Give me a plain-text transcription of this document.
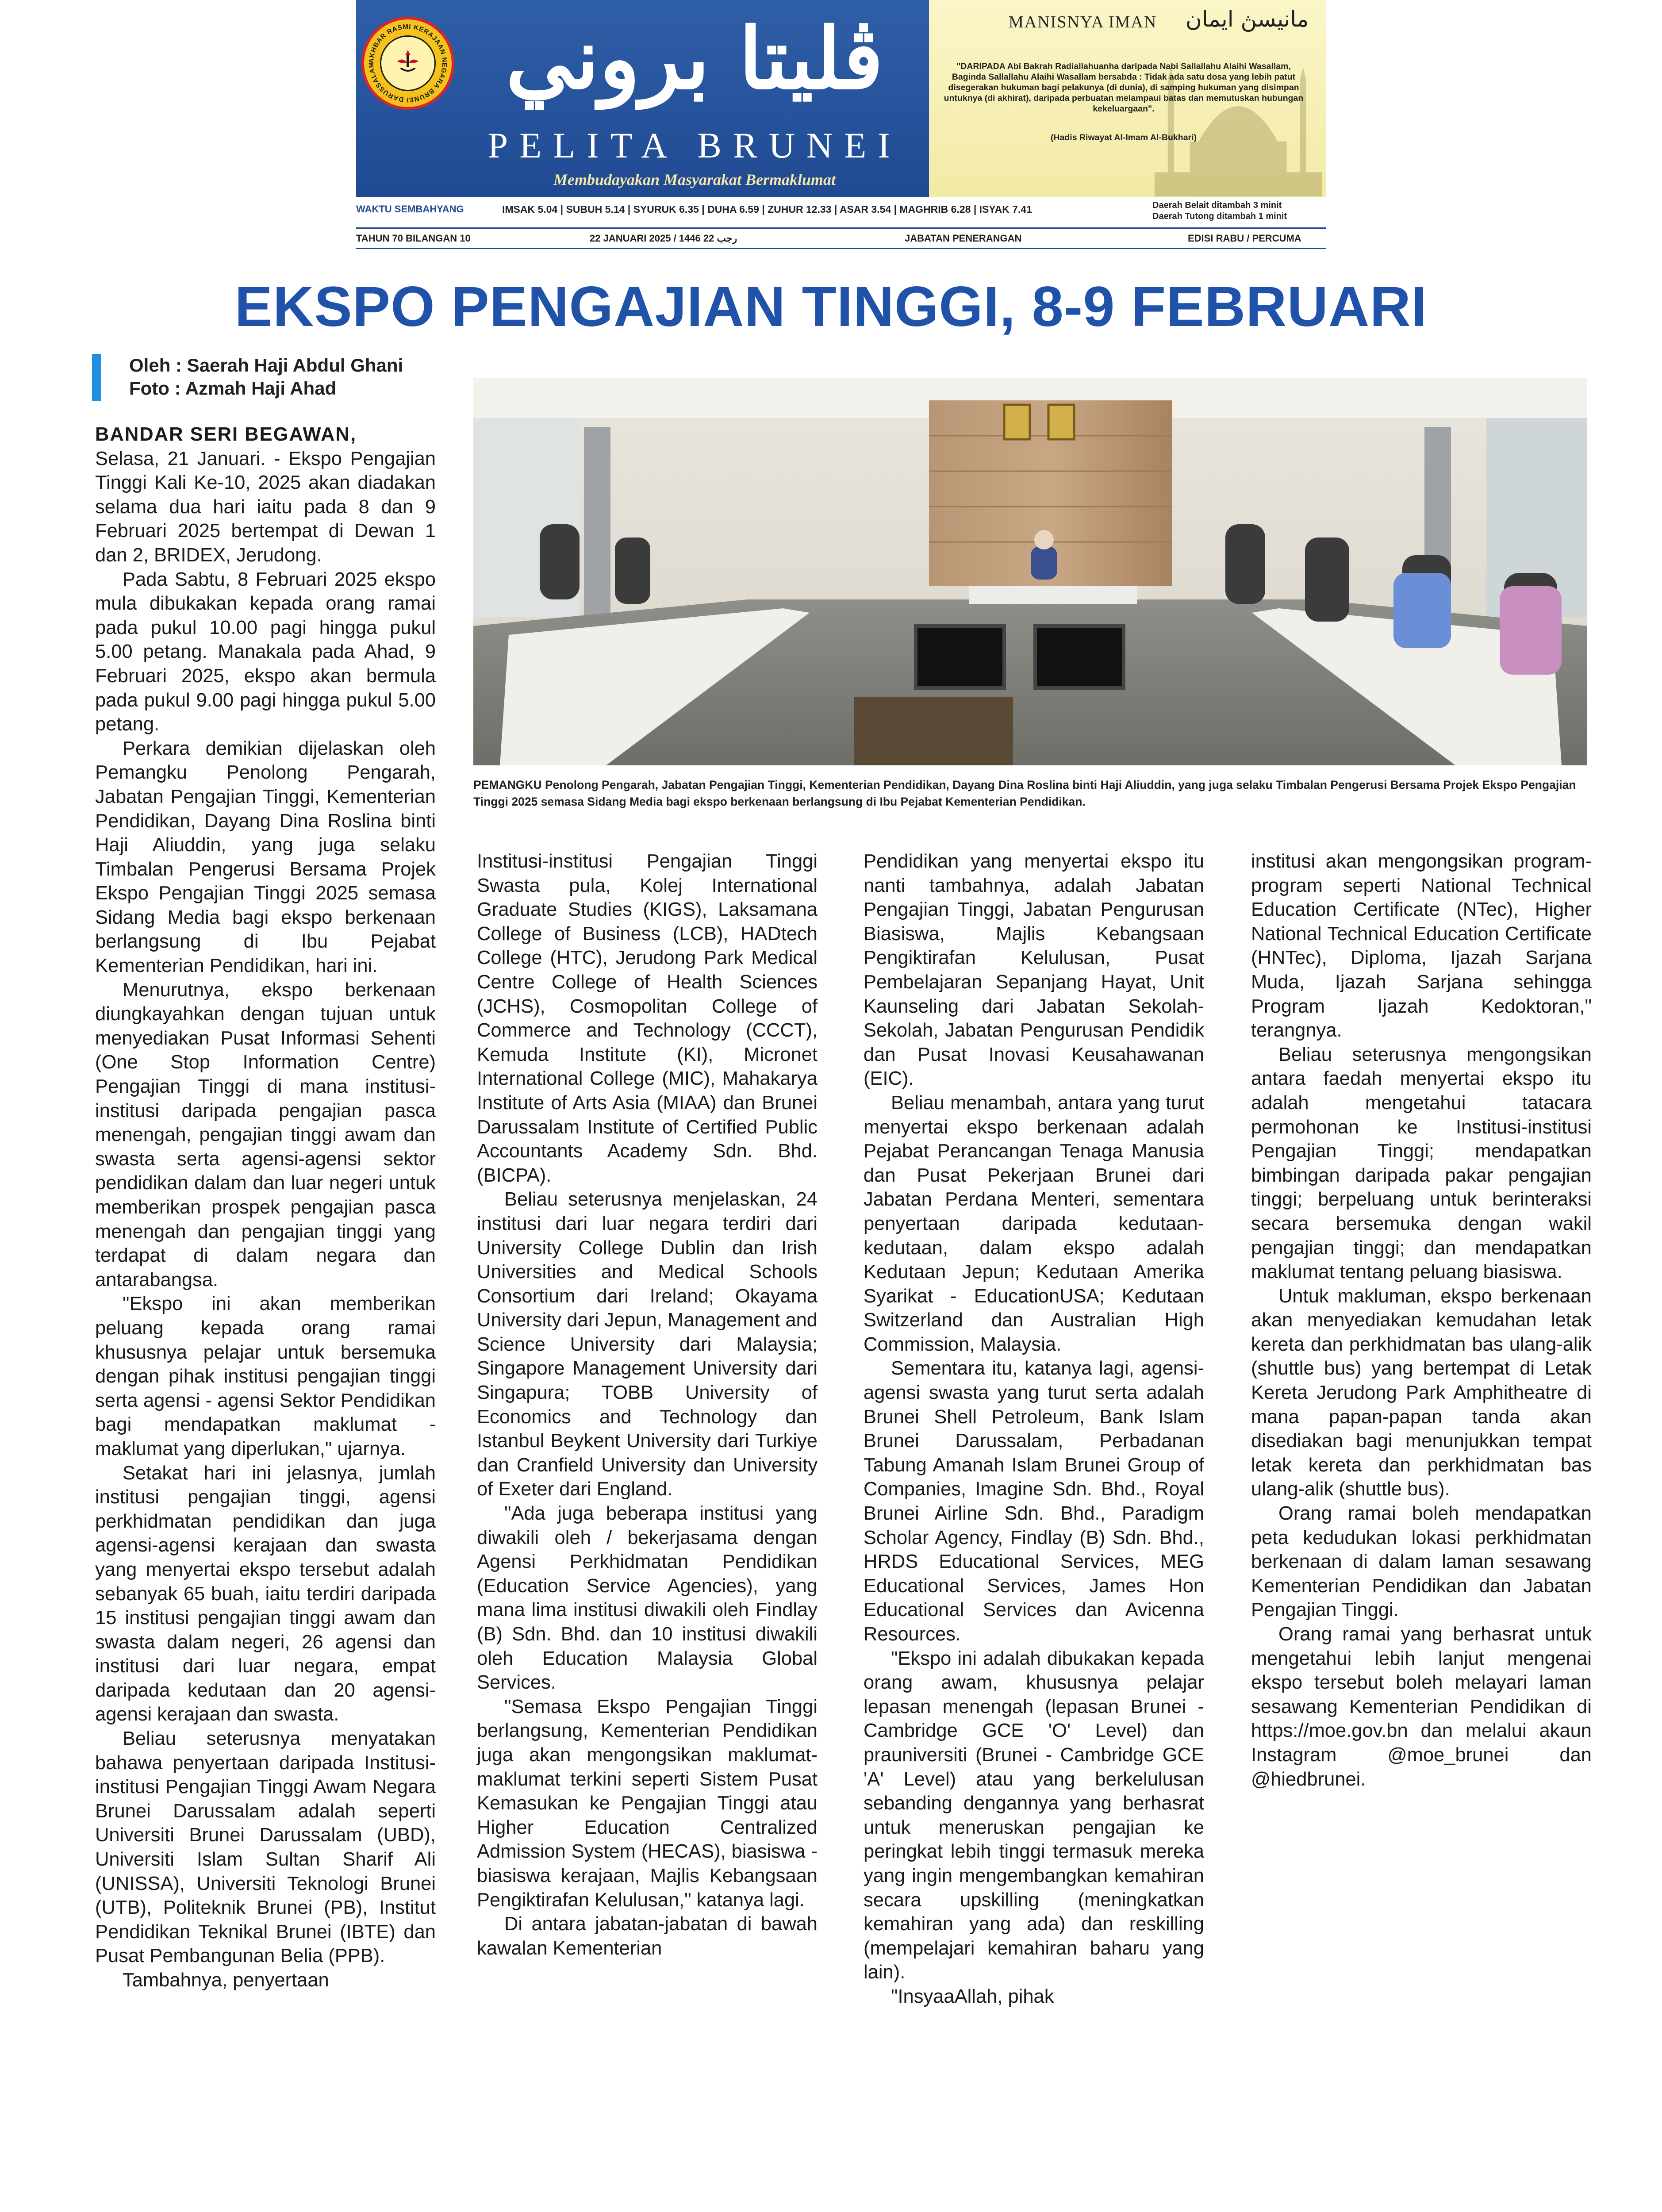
AKHBAR RASMI KERAJAAN NEGARA BRUNEI DARUSSALAM	ڤليتا بروني
PELITA BRUNEI
Membudayakan Masyarakat Bermaklumat
MANISNYA IMAN مانيسڽ ايمان
"DARIPADA Abi Bakrah Radiallahuanha daripada Nabi Sallallahu Alaihi Wasallam, Baginda Sallallahu Alaihi Wasallam bersabda : Tidak ada satu dosa yang lebih patut disegerakan hukuman bagi pelakunya (di dunia), di samping hukuman yang disimpan untuknya (di akhirat), daripada perbuatan melampaui batas dan memutuskan hubungan kekeluargaan".
(Hadis Riwayat Al-Imam Al-Bukhari)
WAKTU SEMBAHYANG	IMSAK 5.04 | SUBUH 5.14 | SYURUK 6.35 | DUHA 6.59 | ZUHUR 12.33 | ASAR 3.54 | MAGHRIB 6.28 | ISYAK 7.41	Daerah Belait ditambah 3 minit
Daerah Tutong ditambah 1 minit
TAHUN 70 BILANGAN 10	22 JANUARI 2025 / 1446 رجب 22	JABATAN PENERANGAN	EDISI RABU / PERCUMA
EKSPO PENGAJIAN TINGGI, 8-9 FEBRUARI
Oleh : Saerah Haji Abdul Ghani
Foto : Azmah Haji Ahad
PEMANGKU Penolong Pengarah, Jabatan Pengajian Tinggi, Kementerian Pendidikan, Dayang Dina Roslina binti Haji Aliuddin, yang juga selaku Timbalan Pengerusi Bersama Projek Ekspo Pengajian Tinggi 2025 semasa Sidang Media bagi ekspo berkenaan berlangsung di Ibu Pejabat Kementerian Pendidikan.

BANDAR SERI BEGAWAN,
Selasa, 21 Januari. - Ekspo Pengajian Tinggi Kali Ke-10, 2025 akan diadakan selama dua hari iaitu pada 8 dan 9 Februari 2025 bertempat di Dewan 1 dan 2, BRIDEX, Jerudong.

Pada Sabtu, 8 Februari 2025 ekspo mula dibukakan kepada orang ramai pada pukul 10.00 pagi hingga pukul 5.00 petang. Manakala pada Ahad, 9 Februari 2025, ekspo akan bermula pada pukul 9.00 pagi hingga pukul 5.00 petang.

Perkara demikian dijelaskan oleh Pemangku Penolong Pengarah, Jabatan Pengajian Tinggi, Kementerian Pendidikan, Dayang Dina Roslina binti Haji Aliuddin, yang juga selaku Timbalan Pengerusi Bersama Projek Ekspo Pengajian Tinggi 2025 semasa Sidang Media bagi ekspo berkenaan berlangsung di Ibu Pejabat Kementerian Pendidikan, hari ini.

Menurutnya, ekspo berkenaan diungkayahkan dengan tujuan untuk menyediakan Pusat Informasi Sehenti (One Stop Information Centre) Pengajian Tinggi di mana institusi-institusi daripada pengajian pasca menengah, pengajian tinggi awam dan swasta serta agensi-agensi sektor pendidikan dalam dan luar negeri untuk memberikan prospek pengajian pasca menengah dan pengajian tinggi yang terdapat di dalam negara dan antarabangsa.

"Ekspo ini akan memberikan peluang kepada orang ramai khususnya pelajar untuk bersemuka dengan pihak institusi pengajian tinggi serta agensi - agensi Sektor Pendidikan bagi mendapatkan maklumat - maklumat yang diperlukan," ujarnya.

Setakat hari ini jelasnya, jumlah institusi pengajian tinggi, agensi perkhidmatan pendidikan dan juga agensi-agensi kerajaan dan swasta yang menyertai ekspo tersebut adalah sebanyak 65 buah, iaitu terdiri daripada 15 institusi pengajian tinggi awam dan swasta dalam negeri, 26 agensi dan institusi dari luar negara, empat daripada kedutaan dan 20 agensi-agensi kerajaan dan swasta.

Beliau seterusnya menyatakan bahawa penyertaan daripada Institusi-institusi Pengajian Tinggi Awam Negara Brunei Darussalam adalah seperti Universiti Brunei Darussalam (UBD), Universiti Islam Sultan Sharif Ali (UNISSA), Universiti Teknologi Brunei (UTB), Politeknik Brunei (PB), Institut Pendidikan Teknikal Brunei (IBTE) dan Pusat Pembangunan Belia (PPB).

Tambahnya, penyertaan

Institusi-institusi Pengajian Tinggi Swasta pula, Kolej International Graduate Studies (KIGS), Laksamana College of Business (LCB), HADtech College (HTC), Jerudong Park Medical Centre College of Health Sciences (JCHS), Cosmopolitan College of Commerce and Technology (CCCT), Kemuda Institute (KI), Micronet International College (MIC), Mahakarya Institute of Arts Asia (MIAA) dan Brunei Darussalam Institute of Certified Public Accountants Academy Sdn. Bhd. (BICPA).

Beliau seterusnya menjelaskan, 24 institusi dari luar negara terdiri dari University College Dublin dan Irish Universities and Medical Schools Consortium dari Ireland; Okayama University dari Jepun, Management and Science University dari Malaysia; Singapore Management University dari Singapura; TOBB University of Economics and Technology dan Istanbul Beykent University dari Turkiye dan Cranfield University dan University of Exeter dari England.

"Ada juga beberapa institusi yang diwakili oleh / bekerjasama dengan Agensi Perkhidmatan Pendidikan (Education Service Agencies), yang mana lima institusi diwakili oleh Findlay (B) Sdn. Bhd. dan 10 institusi diwakili oleh Education Malaysia Global Services.

"Semasa Ekspo Pengajian Tinggi berlangsung, Kementerian Pendidikan juga akan mengongsikan maklumat-maklumat terkini seperti Sistem Pusat Kemasukan ke Pengajian Tinggi atau Higher Education Centralized Admission System (HECAS), biasiswa - biasiswa kerajaan, Majlis Kebangsaan Pengiktirafan Kelulusan," katanya lagi.

Di antara jabatan-jabatan di bawah kawalan Kementerian

Pendidikan yang menyertai ekspo itu nanti tambahnya, adalah Jabatan Pengajian Tinggi, Jabatan Pengurusan Biasiswa, Majlis Kebangsaan Pengiktirafan Kelulusan, Pusat Pembelajaran Sepanjang Hayat, Unit Kaunseling dari Jabatan Sekolah-Sekolah, Jabatan Pengurusan Pendidik dan Pusat Inovasi Keusahawanan (EIC).

Beliau menambah, antara yang turut menyertai ekspo berkenaan adalah Pejabat Perancangan Tenaga Manusia dan Pusat Pekerjaan Brunei dari Jabatan Perdana Menteri, sementara penyertaan daripada kedutaan-kedutaan, dalam ekspo adalah Kedutaan Jepun; Kedutaan Amerika Syarikat - EducationUSA; Kedutaan Switzerland dan Australian High Commission, Malaysia.

Sementara itu, katanya lagi, agensi-agensi swasta yang turut serta adalah Brunei Shell Petroleum, Bank Islam Brunei Darussalam, Perbadanan Tabung Amanah Islam Brunei Group of Companies, Imagine Sdn. Bhd., Royal Brunei Airline Sdn. Bhd., Paradigm Scholar Agency, Findlay (B) Sdn. Bhd., HRDS Educational Services, MEG Educational Services, James Hon Educational Services dan Avicenna Resources.

"Ekspo ini adalah dibukakan kepada orang awam, khususnya pelajar lepasan menengah (lepasan Brunei - Cambridge GCE 'O' Level) dan prauniversiti (Brunei - Cambridge GCE 'A' Level) atau yang berkelulusan sebanding dengannya yang berhasrat untuk meneruskan pengajian ke peringkat lebih tinggi termasuk mereka yang ingin mengembangkan kemahiran secara upskilling (meningkatkan kemahiran yang ada) dan reskilling (mempelajari kemahiran baharu yang lain).

"InsyaaAllah, pihak

institusi akan mengongsikan program-program seperti National Technical Education Certificate (NTec), Higher National Technical Education Certificate (HNTec), Diploma, Ijazah Sarjana Muda, Ijazah Sarjana sehingga Program Ijazah Kedoktoran," terangnya.

Beliau seterusnya mengongsikan antara faedah menyertai ekspo itu adalah mengetahui tatacara permohonan ke Institusi-institusi Pengajian Tinggi; mendapatkan bimbingan daripada pakar pengajian tinggi; berpeluang untuk berinteraksi secara bersemuka dengan wakil pengajian tinggi; dan mendapatkan maklumat tentang peluang biasiswa.

Untuk makluman, ekspo berkenaan akan menyediakan kemudahan letak kereta dan perkhidmatan bas ulang-alik (shuttle bus) yang bertempat di Letak Kereta Jerudong Park Amphitheatre di mana papan-papan tanda akan disediakan bagi menunjukkan tempat letak kereta dan perkhidmatan bas ulang-alik (shuttle bus).

Orang ramai boleh mendapatkan peta kedudukan lokasi perkhidmatan berkenaan di dalam laman sesawang Kementerian Pendidikan dan Jabatan Pengajian Tinggi.

Orang ramai yang berhasrat untuk mengetahui lebih lanjut mengenai ekspo tersebut boleh melayari laman sesawang Kementerian Pendidikan di https://moe.gov.bn dan melalui akaun Instagram @moe_brunei dan @hiedbrunei.
